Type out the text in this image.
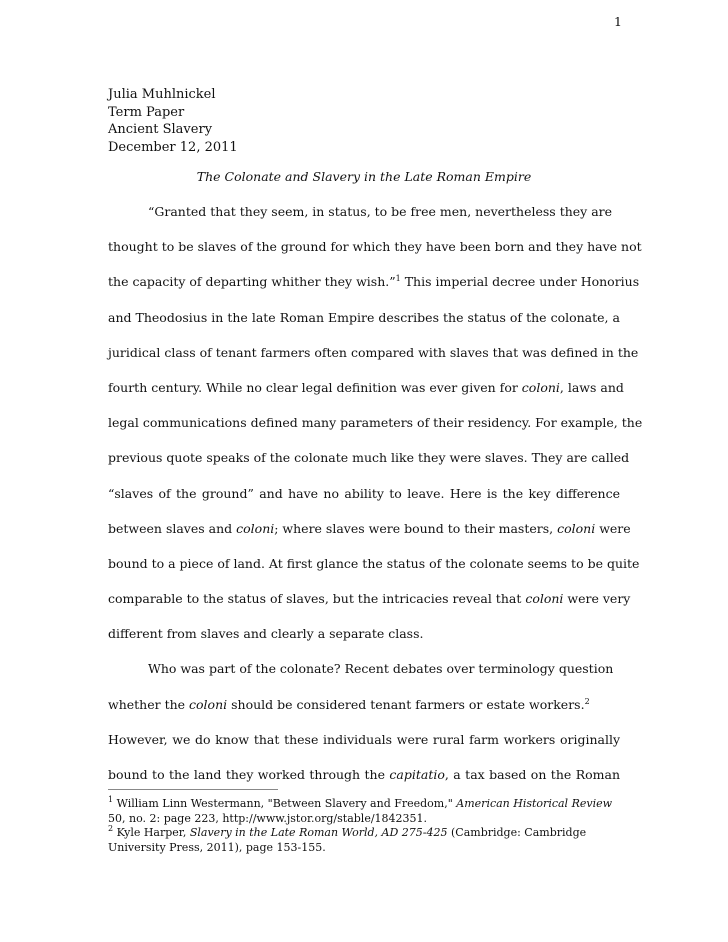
1
Julia Muhlnickel
Term Paper
Ancient Slavery
December 12, 2011
The Colonate and Slavery in the Late Roman Empire
“Granted that they seem, in status, to be free men, nevertheless they are
thought to be slaves of the ground for which they have been born and they have not
the capacity of departing whither they wish.”$^1$ This imperial decree under Honorius
and Theodosius in the late Roman Empire describes the status of the colonate, a
juridical class of tenant farmers often compared with slaves that was defined in the
fourth century. While no clear legal definition was ever given for coloni, laws and
legal communications defined many parameters of their residency. For example, the
previous quote speaks of the colonate much like they were slaves. They are called
“slaves of the ground” and have no ability to leave. Here is the key difference
between slaves and coloni; where slaves were bound to their masters, coloni were
bound to a piece of land. At first glance the status of the colonate seems to be quite
comparable to the status of slaves, but the intricacies reveal that coloni were very
different from slaves and clearly a separate class.
Who was part of the colonate? Recent debates over terminology question
whether the coloni should be considered tenant farmers or estate workers.$^2$
However, we do know that these individuals were rural farm workers originally
bound to the land they worked through the capitatio, a tax based on the Roman
$^1$ William Linn Westermann, "Between Slavery and Freedom," American Historical Review
50, no. 2: page 223, http://www.jstor.org/stable/1842351.
$^2$ Kyle Harper, Slavery in the Late Roman World, AD 275-425 (Cambridge: Cambridge
University Press, 2011), page 153-155.
